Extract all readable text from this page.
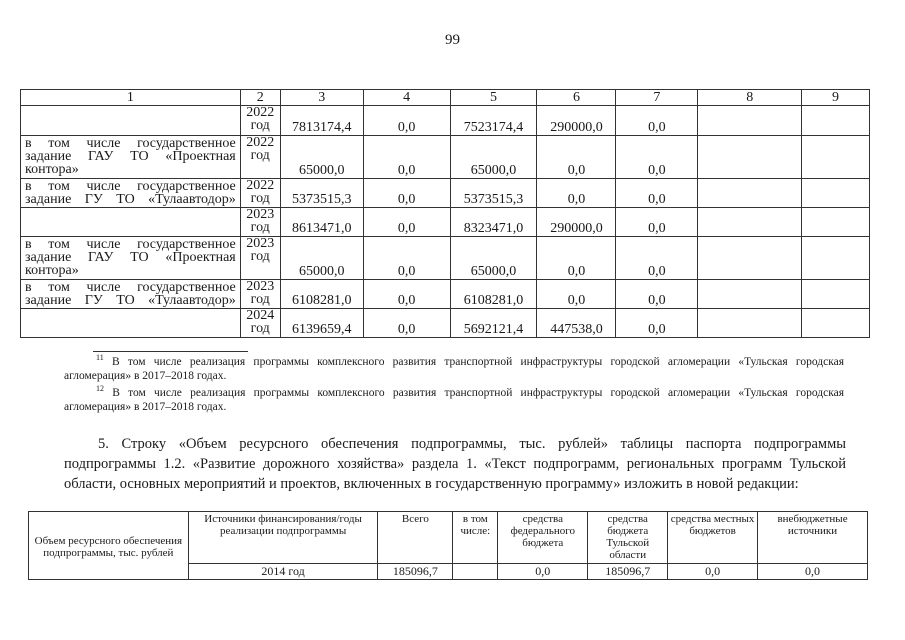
99
1	2	3	4	5	6	7	8	9
	2022 год	7813174,4	0,0	7523174,4	290000,0	0,0		
в том числе государственное задание ГАУ ТО «Проектная контора»	2022 год	65000,0	0,0	65000,0	0,0	0,0		
в том числе государственное задание ГУ ТО «Тулаавтодор»	2022 год	5373515,3	0,0	5373515,3	0,0	0,0		
	2023 год	8613471,0	0,0	8323471,0	290000,0	0,0		
в том числе государственное задание ГАУ ТО «Проектная контора»	2023 год	65000,0	0,0	65000,0	0,0	0,0		
в том числе государственное задание ГУ ТО «Тулаавтодор»	2023 год	6108281,0	0,0	6108281,0	0,0	0,0		
	2024 год	6139659,4	0,0	5692121,4	447538,0	0,0		
$^{11}$ В том числе реализация программы комплексного развития транспортной инфраструктуры городской агломерации «Тульская городская агломерация» в 2017–2018 годах.
$^{12}$ В том числе реализация программы комплексного развития транспортной инфраструктуры городской агломерации «Тульская городская агломерация» в 2017–2018 годах.
5. Строку «Объем ресурсного обеспечения подпрограммы, тыс. рублей» таблицы паспорта подпрограммы подпрограммы 1.2. «Развитие дорожного хозяйства» раздела 1. «Текст подпрограмм, региональных программ Тульской области, основных мероприятий и проектов, включенных в государственную программу» изложить в новой редакции:
Объем ресурсного обеспечения подпрограммы, тыс. рублей	Источники финансирования/годы реализации подпрограммы	Всего	в том числе:	средства федерального бюджета	средства бюджета Тульской области	средства местных бюджетов	внебюджетные источники
	2014 год	185096,7		0,0	185096,7	0,0	0,0
